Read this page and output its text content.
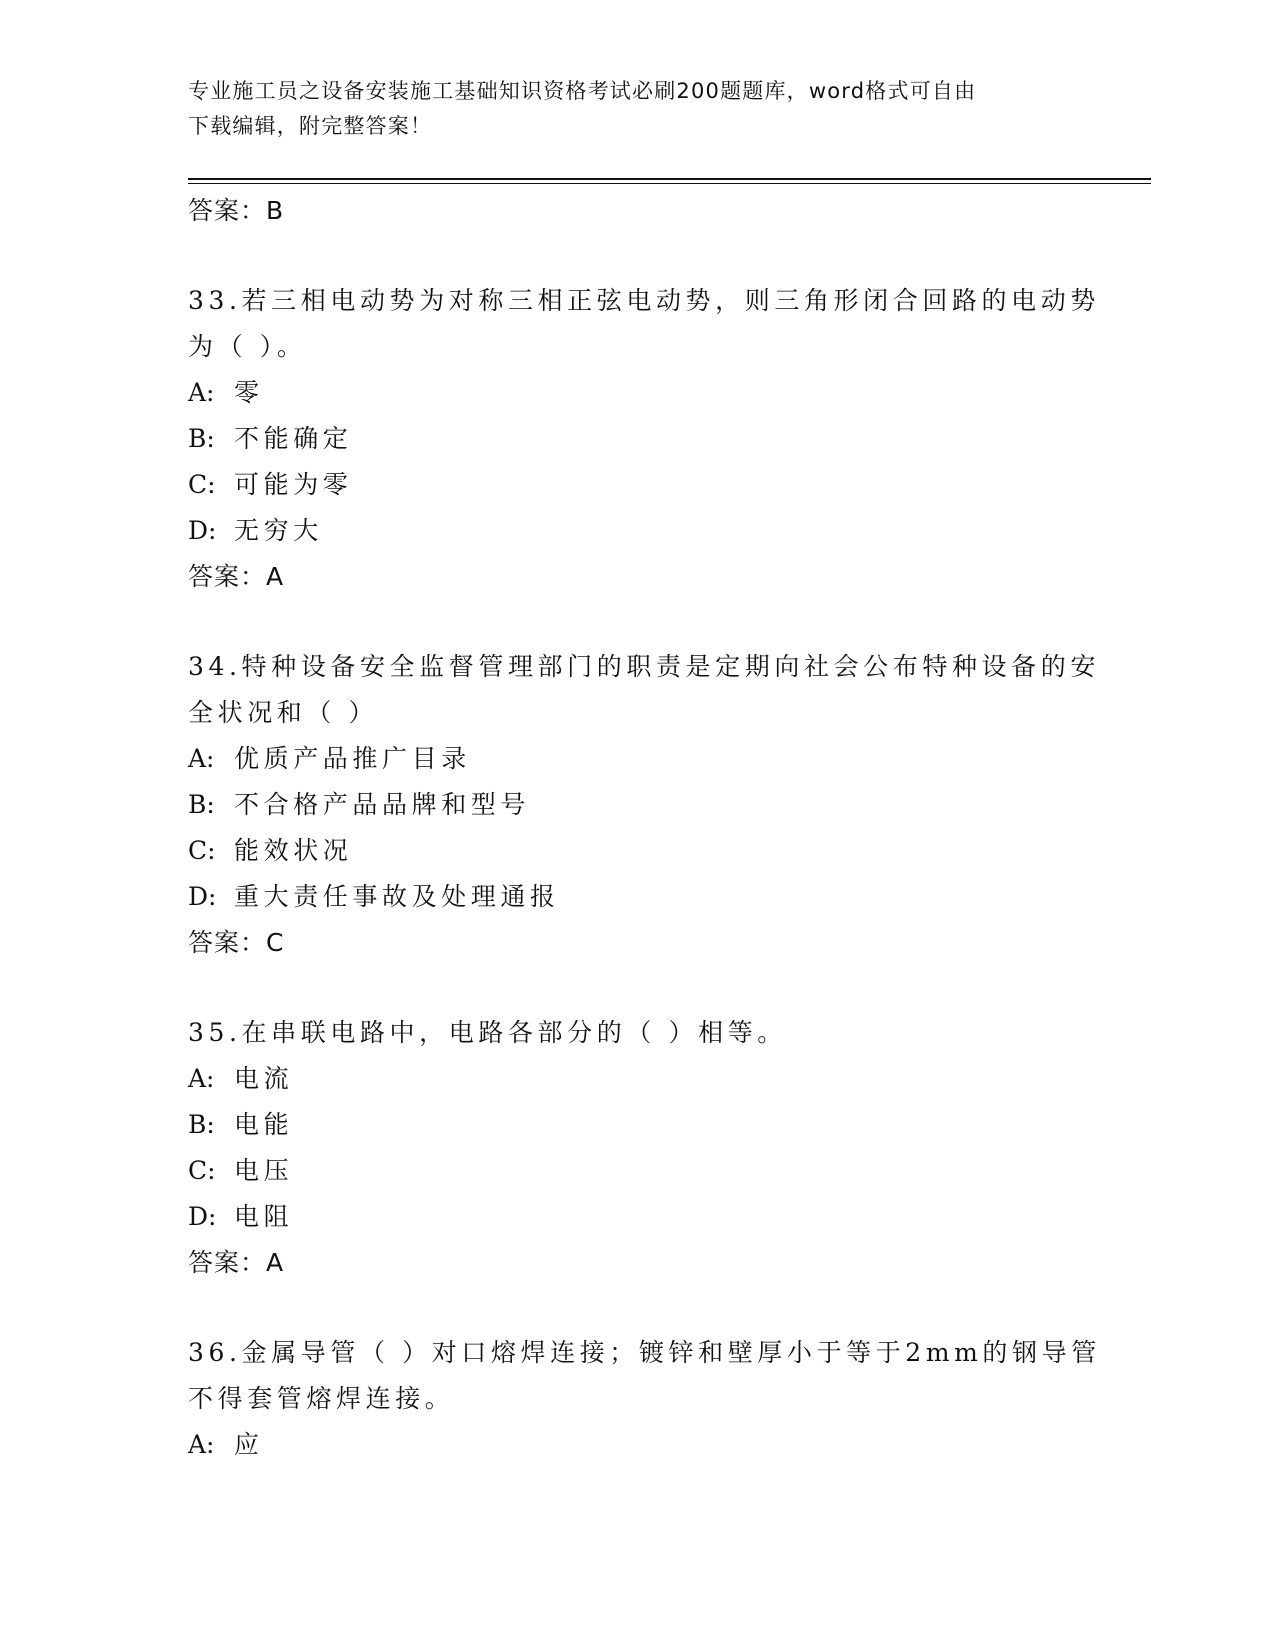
专业施工员之设备安装施工基础知识资格考试必刷200题题库，word格式可自由
下载编辑，附完整答案！
答案：B
33.若三相电动势为对称三相正弦电动势，则三角形闭合回路的电动势
为（ ）。
A: 零
B: 不能确定
C: 可能为零
D: 无穷大
答案：A
34.特种设备安全监督管理部门的职责是定期向社会公布特种设备的安
全状况和（ ）
A: 优质产品推广目录
B: 不合格产品品牌和型号
C: 能效状况
D: 重大责任事故及处理通报
答案：C
35.在串联电路中，电路各部分的（ ）相等。
A: 电流
B: 电能
C: 电压
D: 电阻
答案：A
36.金属导管（ ）对口熔焊连接；镀锌和壁厚小于等于2mm的钢导管
不得套管熔焊连接。
A: 应
